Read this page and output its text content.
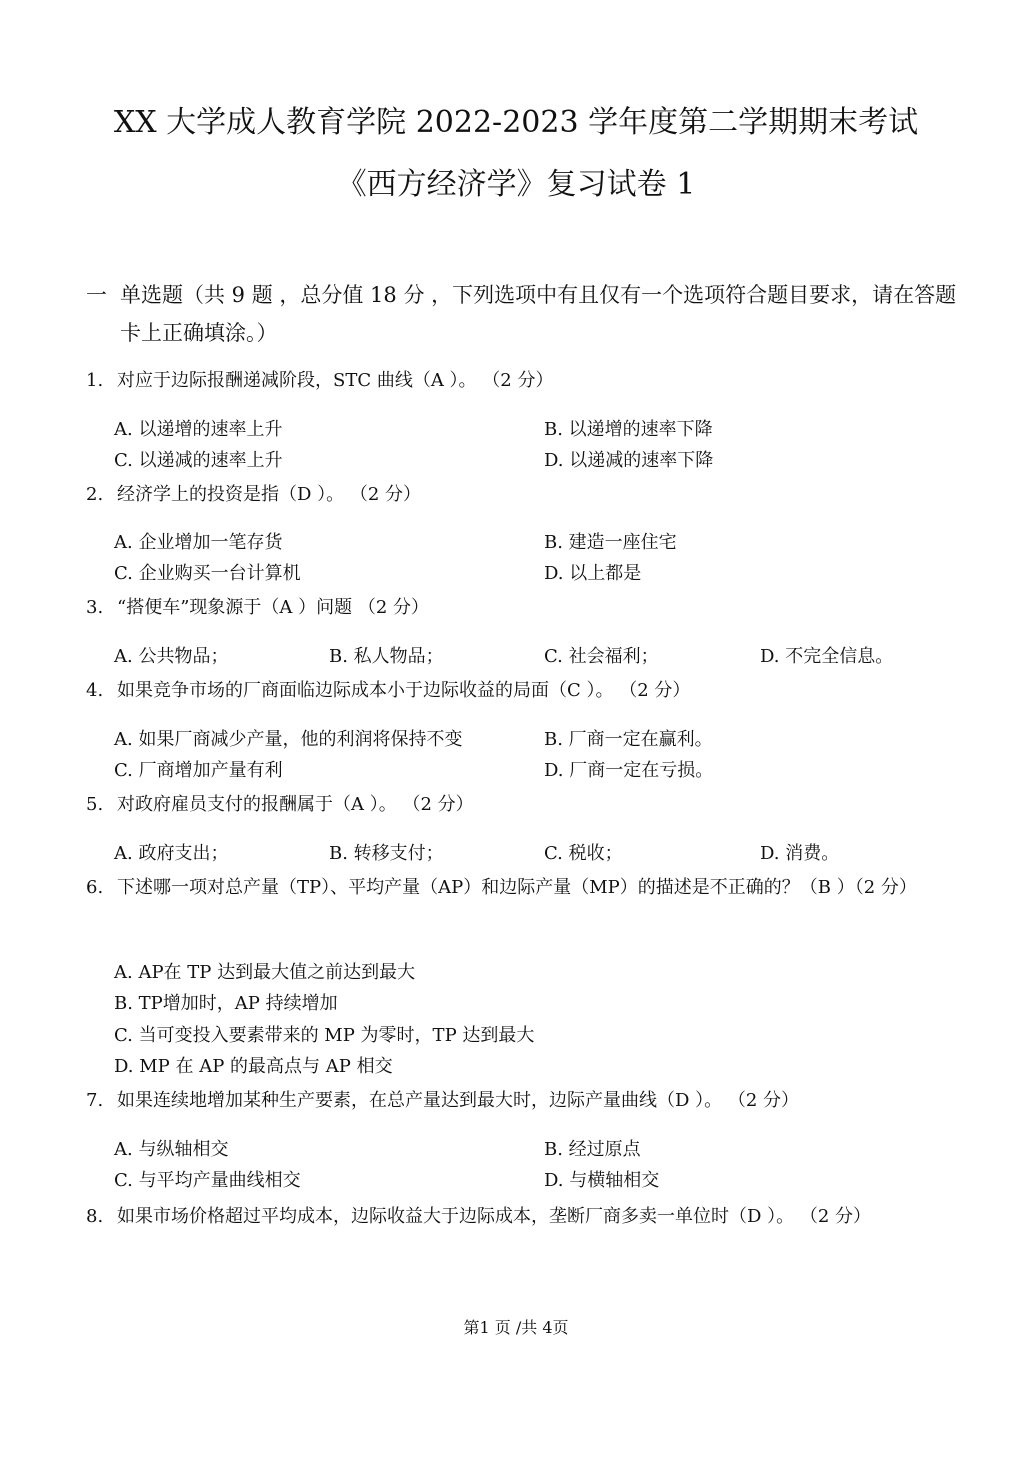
XX 大学成人教育学院 2022-2023 学年度第二学期期末考试
《西方经济学》复习试卷 1
一 单选题（共 9 题 ，总分值 18 分 ，下列选项中有且仅有一个选项符合题目要求，请在答题卡上正确填涂。）
1. 对应于边际报酬递减阶段，STC 曲线（A ）。 （2 分）
A. 以递增的速率上升	B. 以递增的速率下降
C. 以递减的速率上升	D. 以递减的速率下降
2. 经济学上的投资是指（D ）。 （2 分）
A. 企业增加一笔存货	B. 建造一座住宅
C. 企业购买一台计算机	D. 以上都是
3. “搭便车”现象源于（A ）问题 （2 分）
A. 公共物品；	B. 私人物品；	C. 社会福利；	D. 不完全信息。
4. 如果竞争市场的厂商面临边际成本小于边际收益的局面（C ）。 （2 分）
A. 如果厂商减少产量，他的利润将保持不变	B. 厂商一定在赢利。
C. 厂商增加产量有利	D. 厂商一定在亏损。
5. 对政府雇员支付的报酬属于（A ）。 （2 分）
A. 政府支出；	B. 转移支付；	C. 税收；	D. 消费。
6. 下述哪一项对总产量（TP）、平均产量（AP）和边际产量（MP）的描述是不正确的？（B ）（2 分）
A. AP在 TP 达到最大值之前达到最大
B. TP增加时，AP 持续增加
C. 当可变投入要素带来的 MP 为零时，TP 达到最大
D. MP 在 AP 的最高点与 AP 相交
7. 如果连续地增加某种生产要素，在总产量达到最大时，边际产量曲线（D ）。 （2 分）
A. 与纵轴相交	B. 经过原点
C. 与平均产量曲线相交	D. 与横轴相交
8. 如果市场价格超过平均成本，边际收益大于边际成本，垄断厂商多卖一单位时（D ）。 （2 分）
第1 页 /共 4页
